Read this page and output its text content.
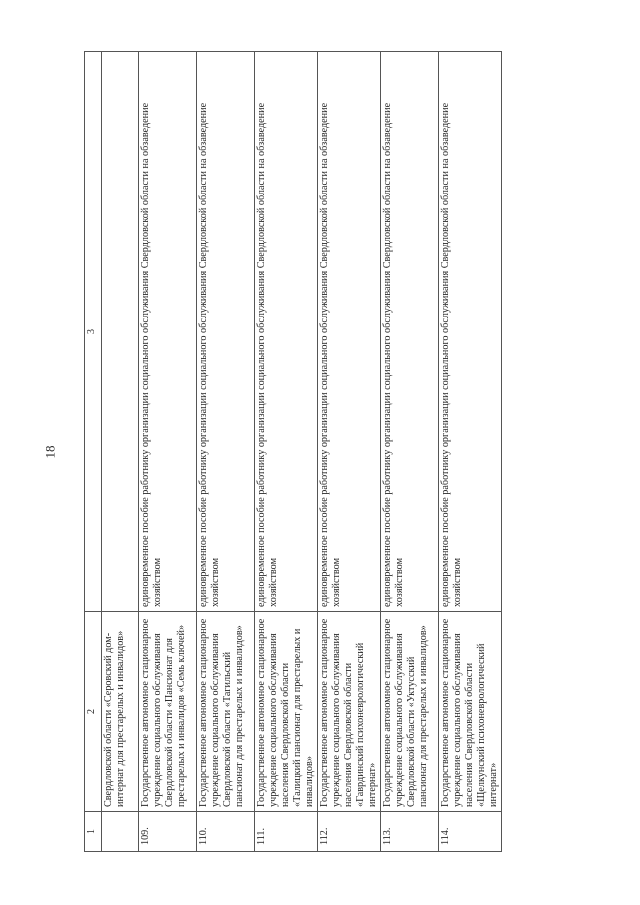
18
1	2	3
	Свердловской области «Серовский дом-интернат для престарелых и инвалидов»	
109.	Государственное автономное стационарное учреждение социального обслуживания Свердловской области «Пансионат для престарелых и инвалидов «Семь ключей»	единовременное пособие работнику организации социального обслуживания Свердловской области на обзаведение хозяйством
110.	Государственное автономное стационарное учреждение социального обслуживания Свердловской области «Тагильский пансионат для престарелых и инвалидов»	единовременное пособие работнику организации социального обслуживания Свердловской области на обзаведение хозяйством
111.	Государственное автономное стационарное учреждение социального обслуживания населения Свердловской области «Талицкий пансионат для престарелых и инвалидов»	единовременное пособие работнику организации социального обслуживания Свердловской области на обзаведение хозяйством
112.	Государственное автономное стационарное учреждение социального обслуживания населения Свердловской области «Гаврдинский психоневрологический интернат»	единовременное пособие работнику организации социального обслуживания Свердловской области на обзаведение хозяйством
113.	Государственное автономное стационарное учреждение социального обслуживания Свердловской области «Уктусский пансионат для престарелых и инвалидов»	единовременное пособие работнику организации социального обслуживания Свердловской области на обзаведение хозяйством
114.	Государственное автономное стационарное учреждение социального обслуживания населения Свердловской области «Щелкунский психоневрологический интернат»	единовременное пособие работнику организации социального обслуживания Свердловской области на обзаведение хозяйством
